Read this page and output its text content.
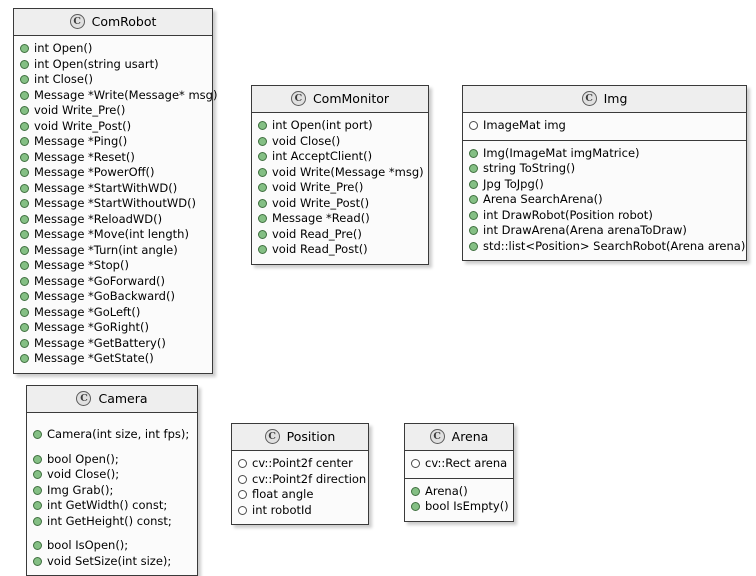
C ComRobot
int Open()
int Open(string usart)
int Close()
Message *Write(Message* msg)
void Write_Pre()
void Write_Post()
Message *Ping()
Message *Reset()
Message *PowerOff()
Message *StartWithWD()
Message *StartWithoutWD()
Message *ReloadWD()
Message *Move(int length)
Message *Turn(int angle)
Message *Stop()
Message *GoForward()
Message *GoBackward()
Message *GoLeft()
Message *GoRight()
Message *GetBattery()
Message *GetState()
C ComMonitor
int Open(int port)
void Close()
int AcceptClient()
void Write(Message *msg)
void Write_Pre()
void Write_Post()
Message *Read()
void Read_Pre()
void Read_Post()
C Img
ImageMat img
Img(ImageMat imgMatrice)
string ToString()
Jpg ToJpg()
Arena SearchArena()
int DrawRobot(Position robot)
int DrawArena(Arena arenaToDraw)
std::list<Position> SearchRobot(Arena arena)
C Camera
Camera(int size, int fps);
bool Open();
void Close();
Img Grab();
int GetWidth() const;
int GetHeight() const;
bool IsOpen();
void SetSize(int size);
C Position
cv::Point2f center
cv::Point2f direction
float angle
int robotId
C Arena
cv::Rect arena
Arena()
bool IsEmpty()
